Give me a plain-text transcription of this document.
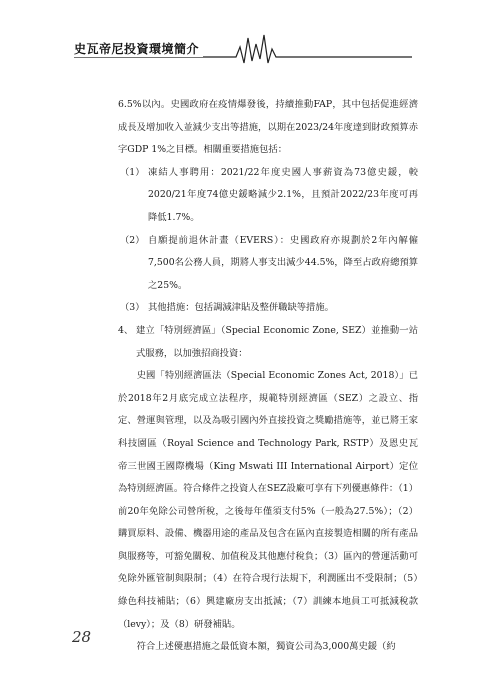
史瓦帝尼投資環境簡介

6.5%以內。史國政府在疫情爆發後，持續推動FAP，其中包括促進經濟成長及增加收入並減少支出等措施，以期在2023/24年度達到財政預算赤字GDP 1%之目標。相關重要措施包括：

（1） 凍結人事聘用：2021/22年度史國人事薪資為73億史鍰，較2020/21年度74億史鍰略減少2.1%，且預計2022/23年度可再降低1.7%。

（2） 自願提前退休計畫（EVERS）：史國政府亦規劃於2年內解僱7,500名公務人員，期將人事支出減少44.5%，降至占政府總預算之25%。

（3） 其他措施：包括調減津貼及整併職缺等措施。

4、 建立「特別經濟區」（Special Economic Zone, SEZ）並推動一站式服務，以加強招商投資：

史國「特別經濟區法（Special Economic Zones Act, 2018）」已於2018年2月底完成立法程序，規範特別經濟區（SEZ）之設立、指定、營運與管理，以及為吸引國內外直接投資之獎勵措施等，並已將王家科技園區（Royal Science and Technology Park, RSTP）及恩史瓦帝三世國王國際機場（King Mswati III International Airport）定位為特別經濟區。符合條件之投資人在SEZ設廠可享有下列優惠條件：（1）前20年免除公司營所稅，之後每年僅須支付5%（一般為27.5%）；（2）購買原料、設備、機器用途的產品及包含在區內直接製造相關的所有產品與服務等，可豁免關稅、加值稅及其他應付稅負；（3）區內的營運活動可免除外匯管制與限制；（4）在符合現行法規下，利潤匯出不受限制；（5）綠色科技補貼；（6）興建廠房支出抵減；（7）訓練本地員工可抵減稅款（levy）；及（8）研發補貼。

符合上述優惠措施之最低資本額，獨資公司為3,000萬史鍰（約

28
